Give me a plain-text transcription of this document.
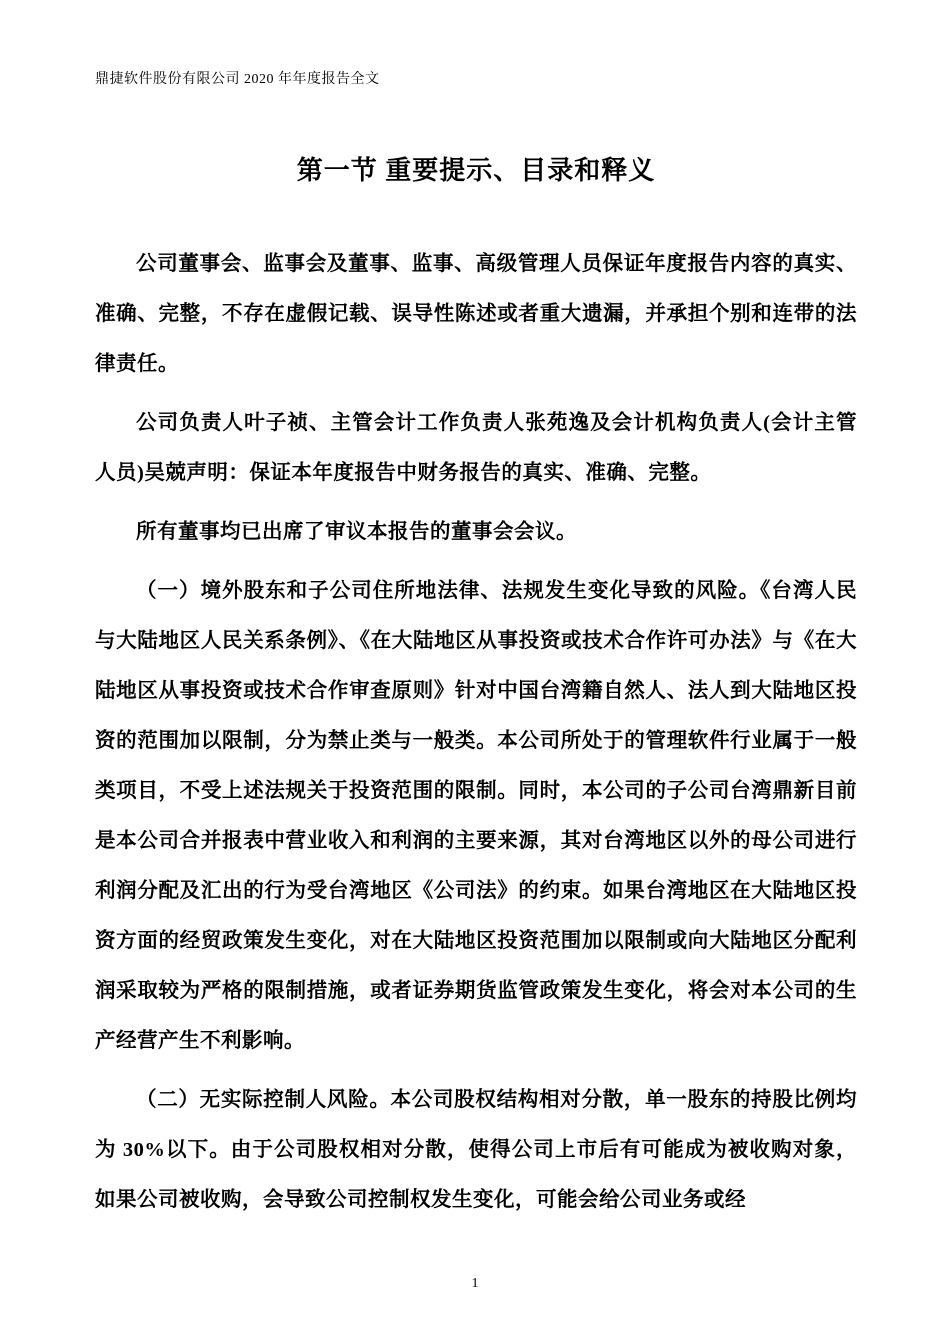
鼎捷软件股份有限公司 2020 年年度报告全文
第一节 重要提示、目录和释义

公司董事会、监事会及董事、监事、高级管理人员保证年度报告内容的真实、准确、完整，不存在虚假记载、误导性陈述或者重大遗漏，并承担个别和连带的法律责任。

公司负责人叶子祯、主管会计工作负责人张苑逸及会计机构负责人(会计主管人员)吴兢声明：保证本年度报告中财务报告的真实、准确、完整。

所有董事均已出席了审议本报告的董事会会议。

（一）境外股东和子公司住所地法律、法规发生变化导致的风险。《台湾人民与大陆地区人民关系条例》、《在大陆地区从事投资或技术合作许可办法》与《在大陆地区从事投资或技术合作审查原则》针对中国台湾籍自然人、法人到大陆地区投资的范围加以限制，分为禁止类与一般类。本公司所处于的管理软件行业属于一般类项目，不受上述法规关于投资范围的限制。同时，本公司的子公司台湾鼎新目前是本公司合并报表中营业收入和利润的主要来源，其对台湾地区以外的母公司进行利润分配及汇出的行为受台湾地区《公司法》的约束。如果台湾地区在大陆地区投资方面的经贸政策发生变化，对在大陆地区投资范围加以限制或向大陆地区分配利润采取较为严格的限制措施，或者证券期货监管政策发生变化，将会对本公司的生产经营产生不利影响。

（二）无实际控制人风险。本公司股权结构相对分散，单一股东的持股比例均为 30%以下。由于公司股权相对分散，使得公司上市后有可能成为被收购对象，如果公司被收购，会导致公司控制权发生变化，可能会给公司业务或经

1
